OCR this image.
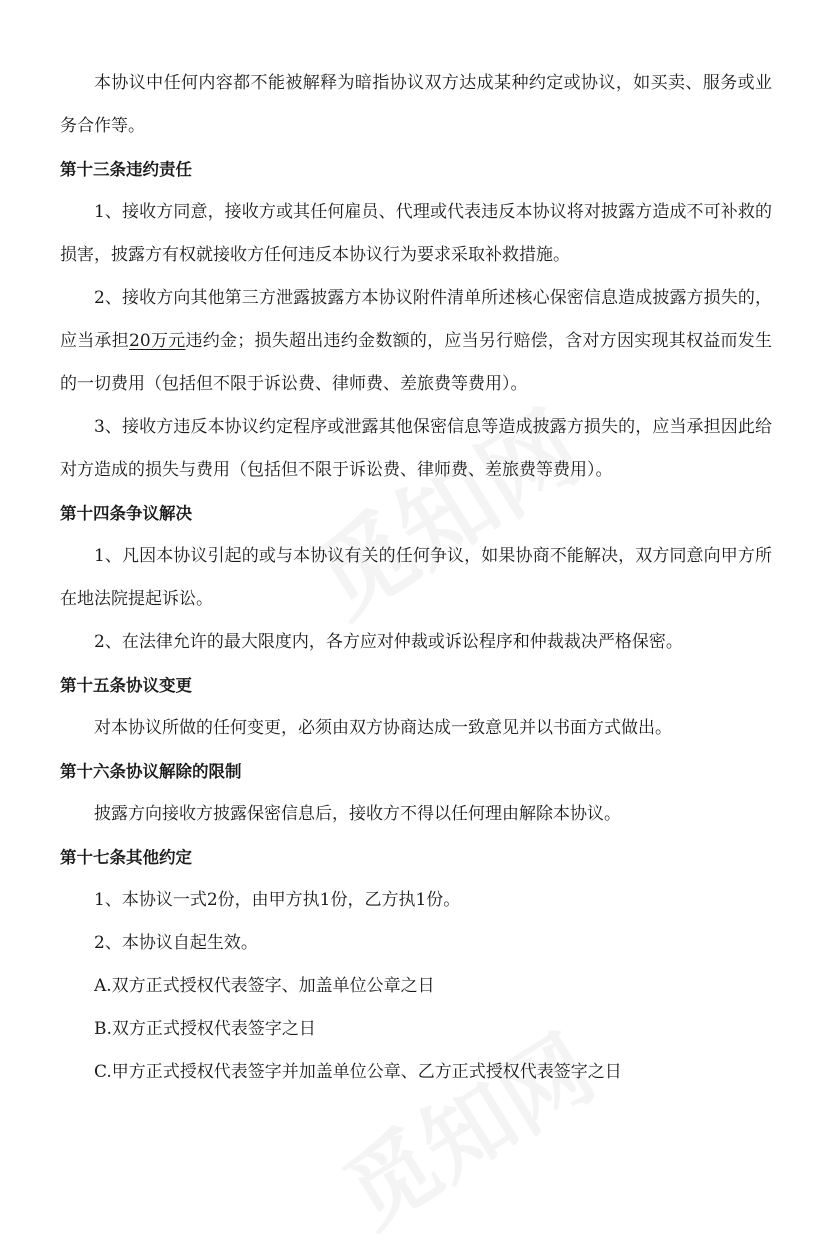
本协议中任何内容都不能被解释为暗指协议双方达成某种约定或协议，如买卖、服务或业务合作等。

第十三条违约责任

1、接收方同意，接收方或其任何雇员、代理或代表违反本协议将对披露方造成不可补救的损害，披露方有权就接收方任何违反本协议行为要求采取补救措施。

2、接收方向其他第三方泄露披露方本协议附件清单所述核心保密信息造成披露方损失的，应当承担20万元违约金；损失超出违约金数额的，应当另行赔偿，含对方因实现其权益而发生的一切费用（包括但不限于诉讼费、律师费、差旅费等费用）。

3、接收方违反本协议约定程序或泄露其他保密信息等造成披露方损失的，应当承担因此给对方造成的损失与费用（包括但不限于诉讼费、律师费、差旅费等费用）。

第十四条争议解决

1、凡因本协议引起的或与本协议有关的任何争议，如果协商不能解决，双方同意向甲方所在地法院提起诉讼。

2、在法律允许的最大限度内，各方应对仲裁或诉讼程序和仲裁裁决严格保密。

第十五条协议变更

对本协议所做的任何变更，必须由双方协商达成一致意见并以书面方式做出。

第十六条协议解除的限制

披露方向接收方披露保密信息后，接收方不得以任何理由解除本协议。

第十七条其他约定

1、本协议一式2份，由甲方执1份，乙方执1份。

2、本协议自起生效。

A.双方正式授权代表签字、加盖单位公章之日

B.双方正式授权代表签字之日

C.甲方正式授权代表签字并加盖单位公章、乙方正式授权代表签字之日
